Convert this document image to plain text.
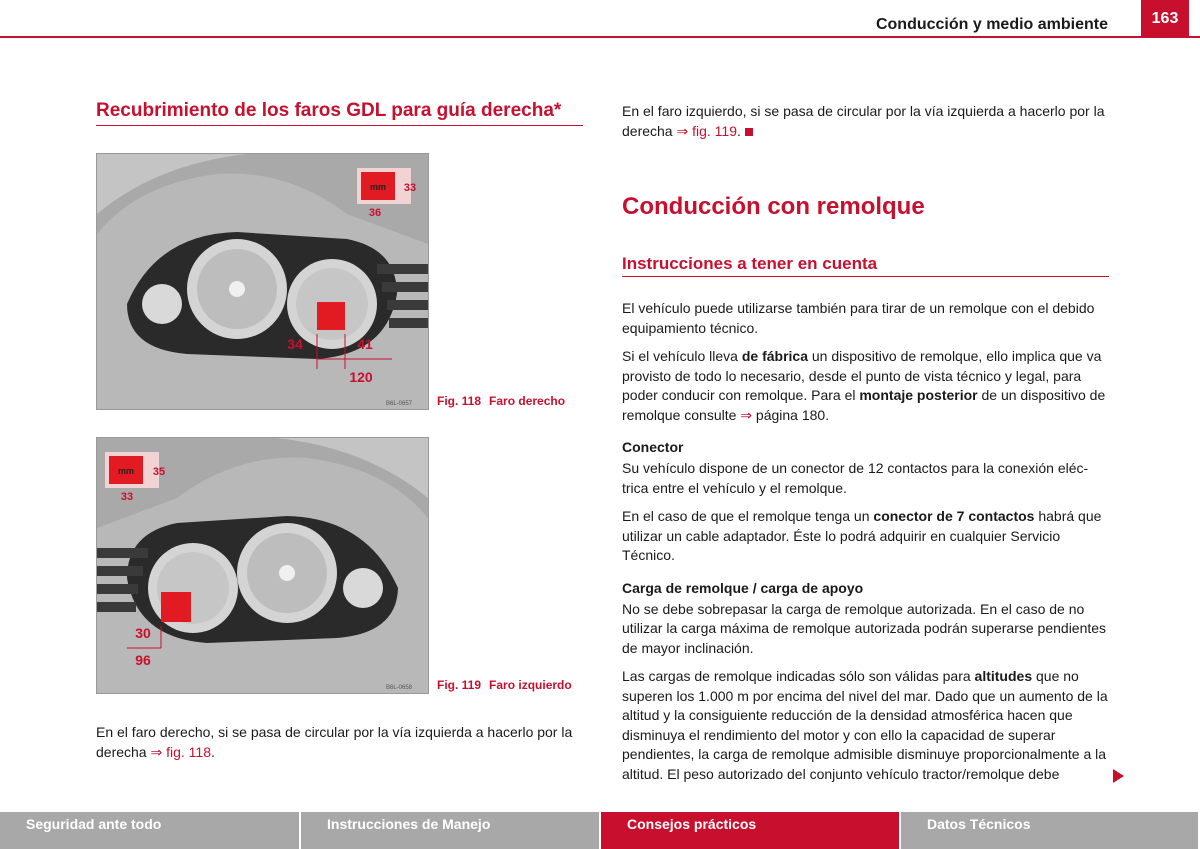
Conducción y medio ambiente	163
Recubrimiento de los faros GDL para guía derecha*
mm 33
36
34	41
120
B6L-0657 Fig. 118 Faro derecho
mm 35
33
30
96
B6L-0658 Fig. 119 Faro izquierdo

En el faro derecho, si se pasa de circular por la vía izquierda a hacerlo por la derecha ⇒ fig. 118.

En el faro izquierdo, si se pasa de circular por la vía izquierda a hacerlo por la derecha ⇒ fig. 119.

Conducción con remolque
Instrucciones a tener en cuenta

El vehículo puede utilizarse también para tirar de un remolque con el debido equipamiento técnico.

Si el vehículo lleva de fábrica un dispositivo de remolque, ello implica que va provisto de todo lo necesario, desde el punto de vista técnico y legal, para poder conducir con remolque. Para el montaje posterior de un dispositivo de remolque consulte ⇒ página 180.

Conector

Su vehículo dispone de un conector de 12 contactos para la conexión eléctrica entre el vehículo y el remolque.

En el caso de que el remolque tenga un conector de 7 contactos habrá que utilizar un cable adaptador. Éste lo podrá adquirir en cualquier Servicio Técnico.

Carga de remolque / carga de apoyo

No se debe sobrepasar la carga de remolque autorizada. En el caso de no utilizar la carga máxima de remolque autorizada podrán superarse pendientes de mayor inclinación.

Las cargas de remolque indicadas sólo son válidas para altitudes que no superen los 1.000 m por encima del nivel del mar. Dado que un aumento de la altitud y la consiguiente reducción de la densidad atmosférica hacen que disminuya el rendimiento del motor y con ello la capacidad de superar pendientes, la carga de remolque admisible disminuye proporcionalmente a la altitud. El peso autorizado del conjunto vehículo tractor/remolque debe

Seguridad ante todo	Instrucciones de Manejo	Consejos prácticos	Datos Técnicos
